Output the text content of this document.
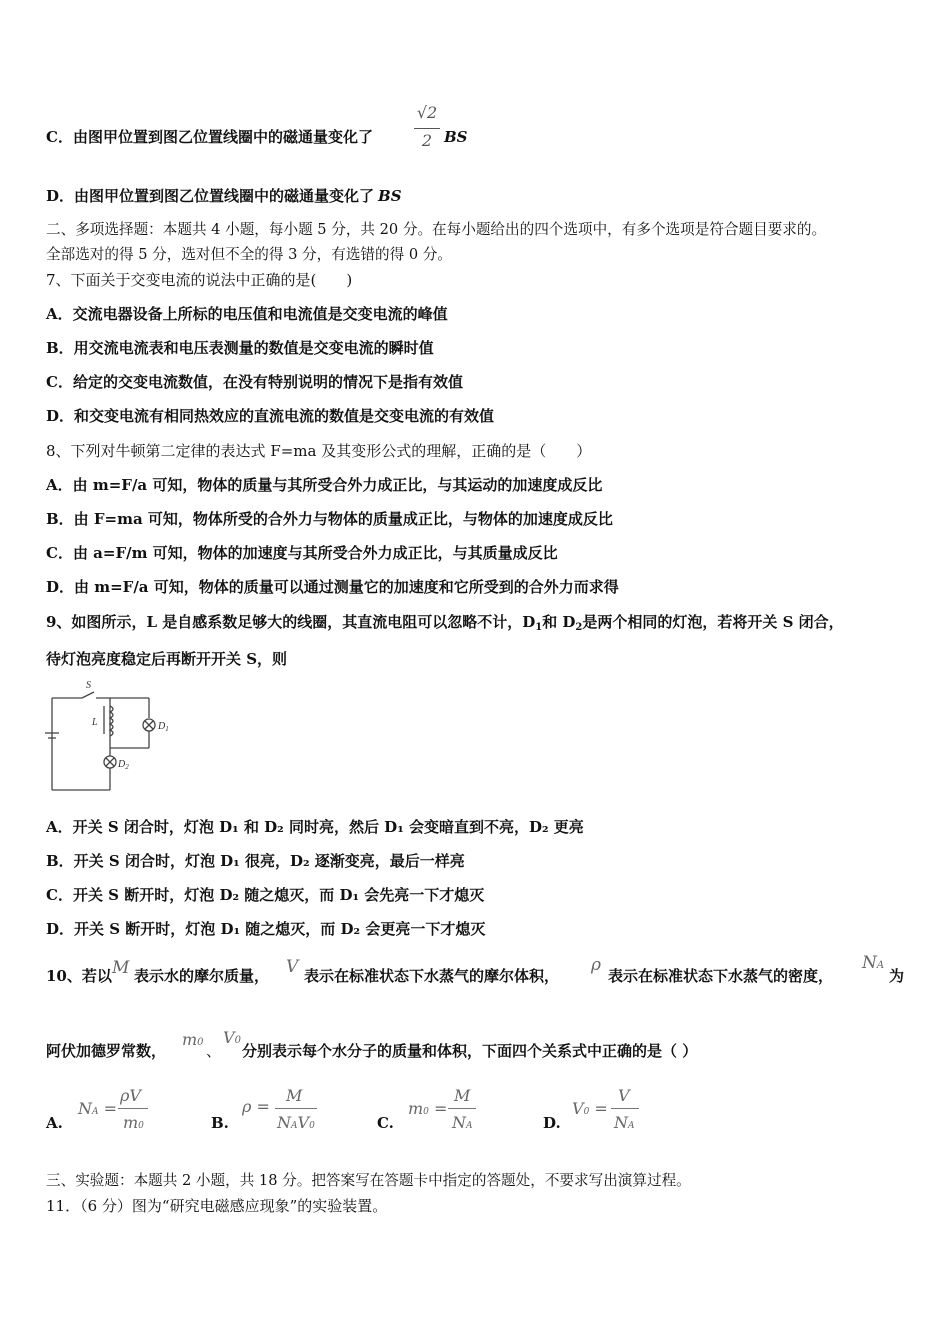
C．由图甲位置到图乙位置线圈中的磁通量变化了
√2
2 BS
D．由图甲位置到图乙位置线圈中的磁通量变化了 BS
二、多项选择题：本题共 4 小题，每小题 5 分，共 20 分。在每小题给出的四个选项中，有多个选项是符合题目要求的。
全部选对的得 5 分，选对但不全的得 3 分，有选错的得 0 分。
7、下面关于交变电流的说法中正确的是(　　)
A．交流电器设备上所标的电压值和电流值是交变电流的峰值
B．用交流电流表和电压表测量的数值是交变电流的瞬时值
C．给定的交变电流数值，在没有特别说明的情况下是指有效值
D．和交变电流有相同热效应的直流电流的数值是交变电流的有效值
8、下列对牛顿第二定律的表达式 F=ma 及其变形公式的理解，正确的是（　　）
A．由 m=F/a 可知，物体的质量与其所受合外力成正比，与其运动的加速度成反比
B．由 F=ma 可知，物体所受的合外力与物体的质量成正比，与物体的加速度成反比
C．由 a=F/m 可知，物体的加速度与其所受合外力成正比，与其质量成反比
D．由 m=F/a 可知，物体的质量可以通过测量它的加速度和它所受到的合外力而求得
9、如图所示，L 是自感系数足够大的线圈，其直流电阻可以忽略不计，$D_1$和 $D_2$是两个相同的灯泡，若将开关 S 闭合，
待灯泡亮度稳定后再断开开关 S，则
S
L	$D_1$
$D_2$
A．开关 S 闭合时，灯泡 D₁ 和 D₂ 同时亮，然后 D₁ 会变暗直到不亮，D₂ 更亮
B．开关 S 闭合时，灯泡 D₁ 很亮，D₂ 逐渐变亮，最后一样亮
C．开关 S 断开时，灯泡 D₂ 随之熄灭，而 D₁ 会先亮一下才熄灭
D．开关 S 断开时，灯泡 D₁ 随之熄灭，而 D₂ 会更亮一下才熄灭
10、若以 M 表示水的摩尔质量， V 表示在标准状态下水蒸气的摩尔体积，
ρ
表示在标准状态下水蒸气的密度，
NA
为
阿伏加德罗常数，
m0 、
V0
分别表示每个水分子的质量和体积，下面四个关系式中正确的是（ ）
A.
NA =
ρV
m0	B.
ρ =
M
NAV0	C.
m0 =
M
NA	D.
V0 =
V
NA
三、实验题：本题共 2 小题，共 18 分。把答案写在答题卡中指定的答题处，不要求写出演算过程。
11．（6 分）图为“研究电磁感应现象”的实验装置。
